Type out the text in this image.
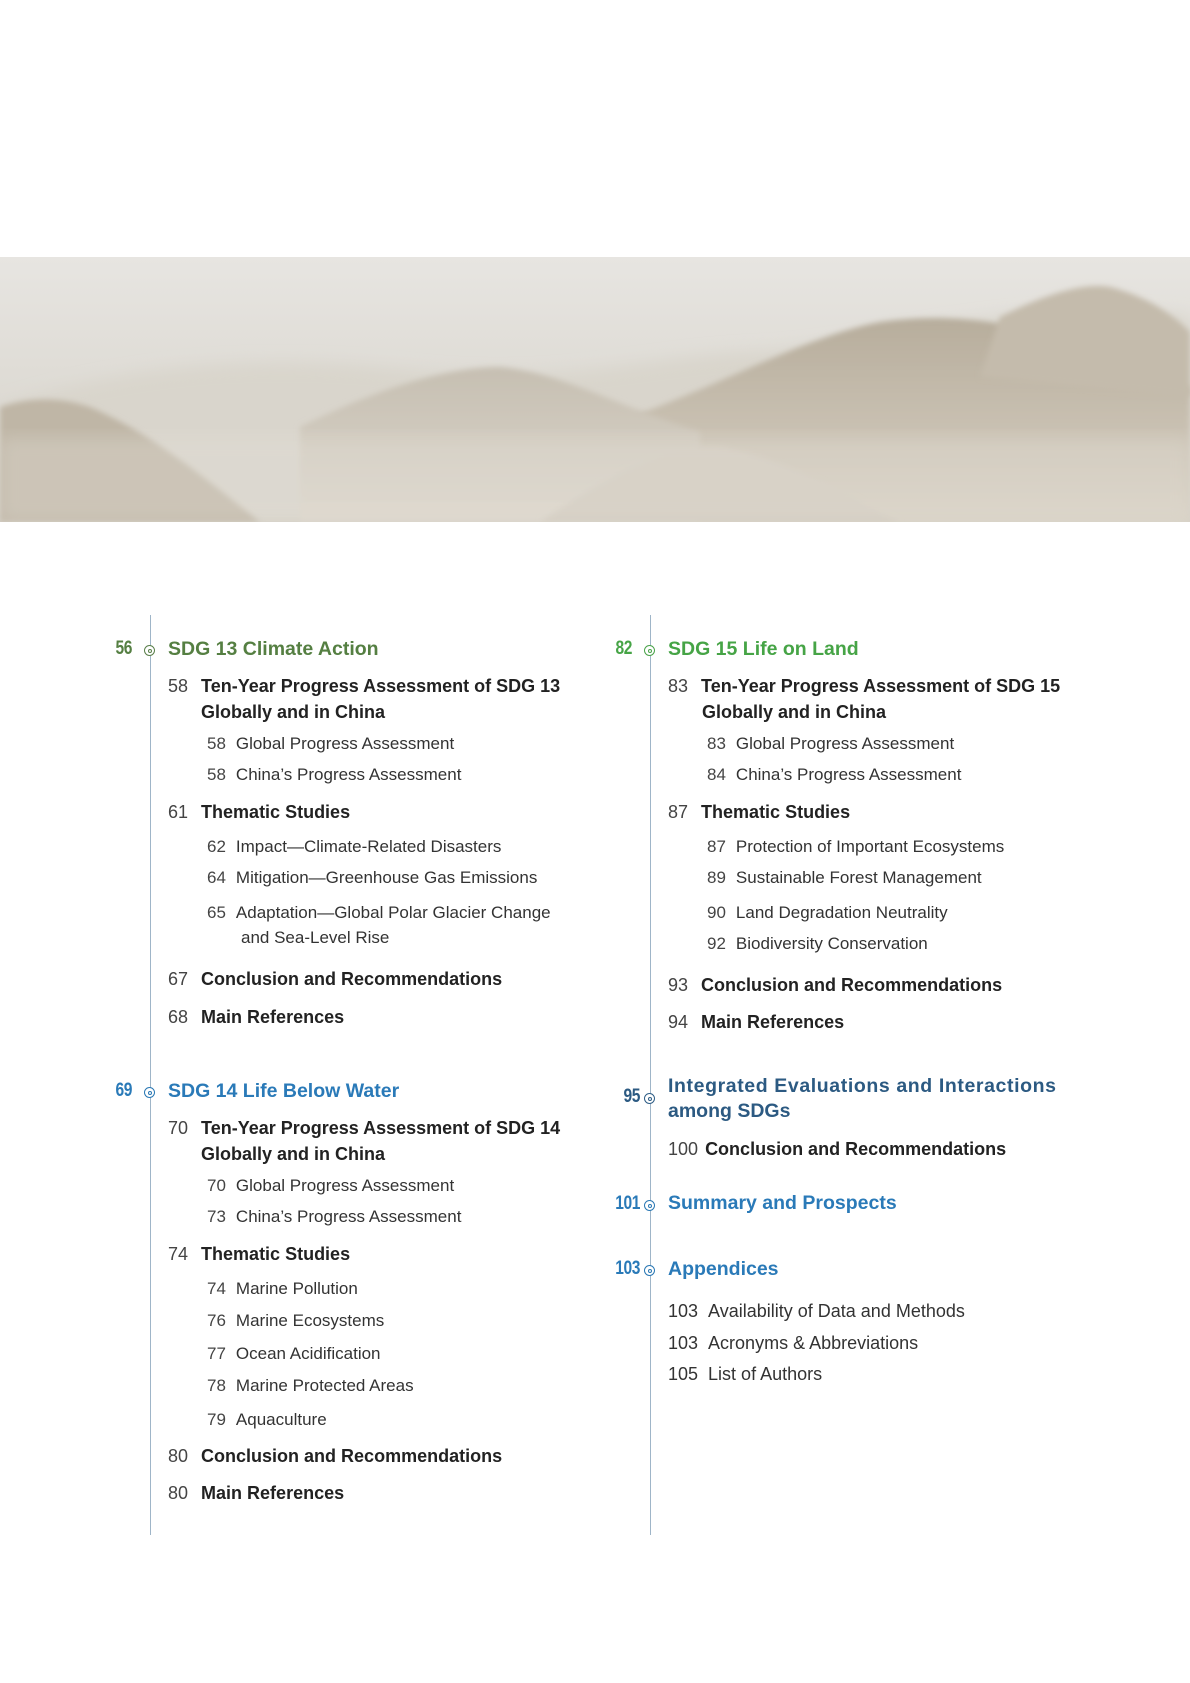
56 SDG 13 Climate Action
58 Ten-Year Progress Assessment of SDG 13
Globally and in China
58 Global Progress Assessment
58 China’s Progress Assessment
61 Thematic Studies
62 Impact—Climate-Related Disasters
64 Mitigation—Greenhouse Gas Emissions
65 Adaptation—Global Polar Glacier Change
and Sea-Level Rise
67 Conclusion and Recommendations
68 Main References
69 SDG 14 Life Below Water
70 Ten-Year Progress Assessment of SDG 14
Globally and in China
70 Global Progress Assessment
73 China’s Progress Assessment
74 Thematic Studies
74 Marine Pollution
76 Marine Ecosystems
77 Ocean Acidification
78 Marine Protected Areas
79 Aquaculture
80 Conclusion and Recommendations
80 Main References
82 SDG 15 Life on Land
83 Ten-Year Progress Assessment of SDG 15
Globally and in China
83 Global Progress Assessment
84 China’s Progress Assessment
87 Thematic Studies
87 Protection of Important Ecosystems
89 Sustainable Forest Management
90 Land Degradation Neutrality
92 Biodiversity Conservation
93 Conclusion and Recommendations
94 Main References
95 Integrated Evaluations and Interactions
among SDGs
100 Conclusion and Recommendations
101 Summary and Prospects
103 Appendices
103 Availability of Data and Methods
103 Acronyms & Abbreviations
105 List of Authors
